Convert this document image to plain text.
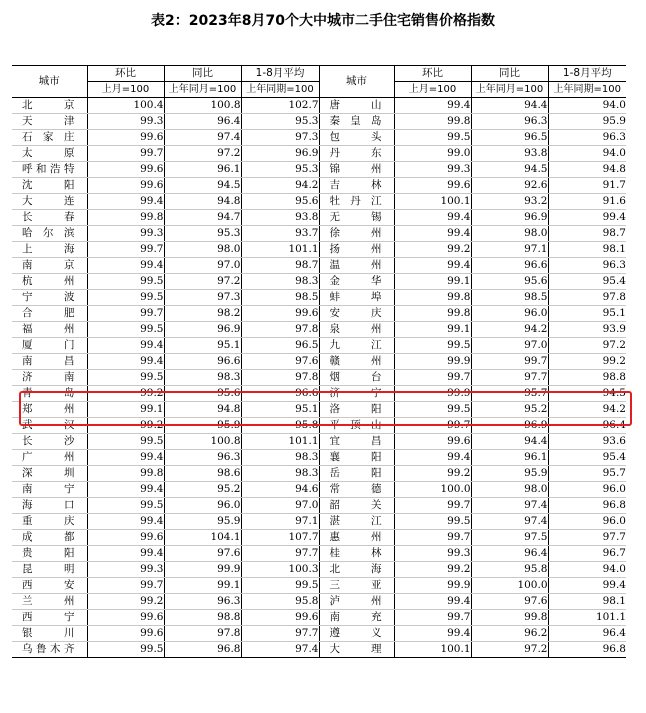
表2：2023年8月70个大中城市二手住宅销售价格指数
城市	环比	同比	1-8月平均	城市	环比	同比	1-8月平均
	上月=100	上年同月=100	上年同期=100		上月=100	上年同月=100	上年同期=100

北京	100.4	100.8	102.7	唐山	99.4	94.4	94.0

天津	99.3	96.4	95.3	秦皇岛	99.8	96.3	95.9

石家庄	99.6	97.4	97.3	包头	99.5	96.5	96.3

太原	99.7	97.2	96.9	丹东	99.0	93.8	94.0

呼和浩特	99.6	96.1	95.3	锦州	99.3	94.5	94.8

沈阳	99.6	94.5	94.2	吉林	99.6	92.6	91.7

大连	99.4	94.8	95.6	牡丹江	100.1	93.2	91.6

长春	99.8	94.7	93.8	无锡	99.4	96.9	99.4

哈尔滨	99.3	95.3	93.7	徐州	99.4	98.0	98.7

上海	99.7	98.0	101.1	扬州	99.2	97.1	98.1

南京	99.4	97.0	98.7	温州	99.4	96.6	96.3

杭州	99.5	97.2	98.3	金华	99.1	95.6	95.4

宁波	99.5	97.3	98.5	蚌埠	99.8	98.5	97.8

合肥	99.7	98.2	99.6	安庆	99.8	96.0	95.1

福州	99.5	96.9	97.8	泉州	99.1	94.2	93.9

厦门	99.4	95.1	96.5	九江	99.5	97.0	97.2

南昌	99.4	96.6	97.6	赣州	99.9	99.7	99.2

济南	99.5	98.3	97.8	烟台	99.7	97.7	98.8

青岛	99.2	95.6	96.6	济宁	99.9	95.7	94.5

郑州	99.1	94.8	95.1	洛阳	99.5	95.2	94.2

武汉	99.2	95.9	95.8	平顶山	99.7	96.9	96.4

长沙	99.5	100.8	101.1	宜昌	99.6	94.4	93.6

广州	99.4	96.3	98.3	襄阳	99.4	96.1	95.4

深圳	99.8	98.6	98.3	岳阳	99.2	95.9	95.7

南宁	99.4	95.2	94.6	常德	100.0	98.0	96.0

海口	99.5	96.0	97.0	韶关	99.7	97.4	96.8

重庆	99.4	95.9	97.1	湛江	99.5	97.4	96.0

成都	99.6	104.1	107.7	惠州	99.7	97.5	97.7

贵阳	99.4	97.6	97.7	桂林	99.3	96.4	96.7

昆明	99.3	99.9	100.3	北海	99.2	95.8	94.0

西安	99.7	99.1	99.5	三亚	99.9	100.0	99.4

兰州	99.2	96.3	95.8	泸州	99.4	97.6	98.1

西宁	99.6	98.8	99.6	南充	99.7	99.8	101.1

银川	99.6	97.8	97.7	遵义	99.4	96.2	96.4

乌鲁木齐	99.5	96.8	97.4	大理	100.1	97.2	96.8
